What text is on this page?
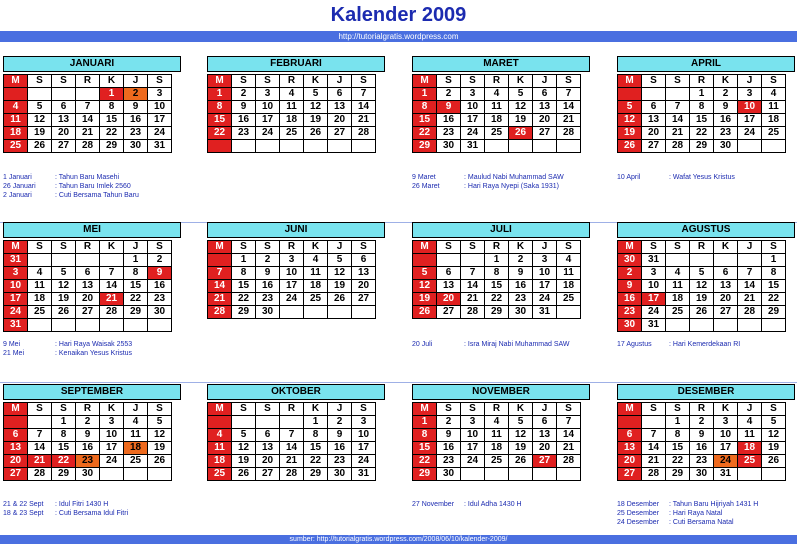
Kalender 2009
http://tutorialgratis.wordpress.com
JANUARI
M	S	S	R	K	J	S
				1	2	3
4	5	6	7	8	9	10
11	12	13	14	15	16	17
18	19	20	21	22	23	24
25	26	27	28	29	30	31
FEBRUARI
M	S	S	R	K	J	S
1	2	3	4	5	6	7
8	9	10	11	12	13	14
15	16	17	18	19	20	21
22	23	24	25	26	27	28

MARET
M	S	S	R	K	J	S
1	2	3	4	5	6	7
8	9	10	11	12	13	14
15	16	17	18	19	20	21
22	23	24	25	26	27	28
29	30	31				
APRIL
M	S	S	R	K	J	S
			1	2	3	4
5	6	7	8	9	10	11
12	13	14	15	16	17	18
19	20	21	22	23	24	25
26	27	28	29	30		
MEI
M	S	S	R	K	J	S
31					1	2
3	4	5	6	7	8	9
10	11	12	13	14	15	16
17	18	19	20	21	22	23
24	25	26	27	28	29	30
31						
JUNI
M	S	S	R	K	J	S
	1	2	3	4	5	6
7	8	9	10	11	12	13
14	15	16	17	18	19	20
21	22	23	24	25	26	27
28	29	30				
JULI
M	S	S	R	K	J	S
			1	2	3	4
5	6	7	8	9	10	11
12	13	14	15	16	17	18
19	20	21	22	23	24	25
26	27	28	29	30	31	
AGUSTUS
M	S	S	R	K	J	S
30	31					1
2	3	4	5	6	7	8
9	10	11	12	13	14	15
16	17	18	19	20	21	22
23	24	25	26	27	28	29
30	31					
SEPTEMBER
M	S	S	R	K	J	S
		1	2	3	4	5
6	7	8	9	10	11	12
13	14	15	16	17	18	19
20	21	22	23	24	25	26
27	28	29	30			
OKTOBER
M	S	S	R	K	J	S
				1	2	3
4	5	6	7	8	9	10
11	12	13	14	15	16	17
18	19	20	21	22	23	24
25	26	27	28	29	30	31
NOVEMBER
M	S	S	R	K	J	S
1	2	3	4	5	6	7
8	9	10	11	12	13	14
15	16	17	18	19	20	21
22	23	24	25	26	27	28
29	30					
DESEMBER
M	S	S	R	K	J	S
		1	2	3	4	5
6	7	8	9	10	11	12
13	14	15	16	17	18	19
20	21	22	23	24	25	26
27	28	29	30	31		
1 Januari	: Tahun Baru Masehi
26 Januari	: Tahun Baru Imlek 2560
2 Januari	: Cuti Bersama Tahun Baru
9 Maret	: Maulud Nabi Muhammad SAW
26 Maret	: Hari Raya Nyepi (Saka 1931)
10 April	: Wafat Yesus Kristus
9 Mei	: Hari Raya Waisak 2553
21 Mei	: Kenaikan Yesus Kristus
20 Juli	: Isra Miraj Nabi Muhammad SAW	17 Agustus : Hari Kemerdekaan RI
21 & 22 Sept : Idul Fitri 1430 H
18 & 23 Sept : Cuti Bersama Idul Fitri
27 November : Idul Adha 1430 H	18 Desember : Tahun Baru Hijriyah 1431 H
25 Desember : Hari Raya Natal
24 Desember : Cuti Bersama Natal
sumber: http://tutorialgratis.wordpress.com/2008/06/10/kalender-2009/
